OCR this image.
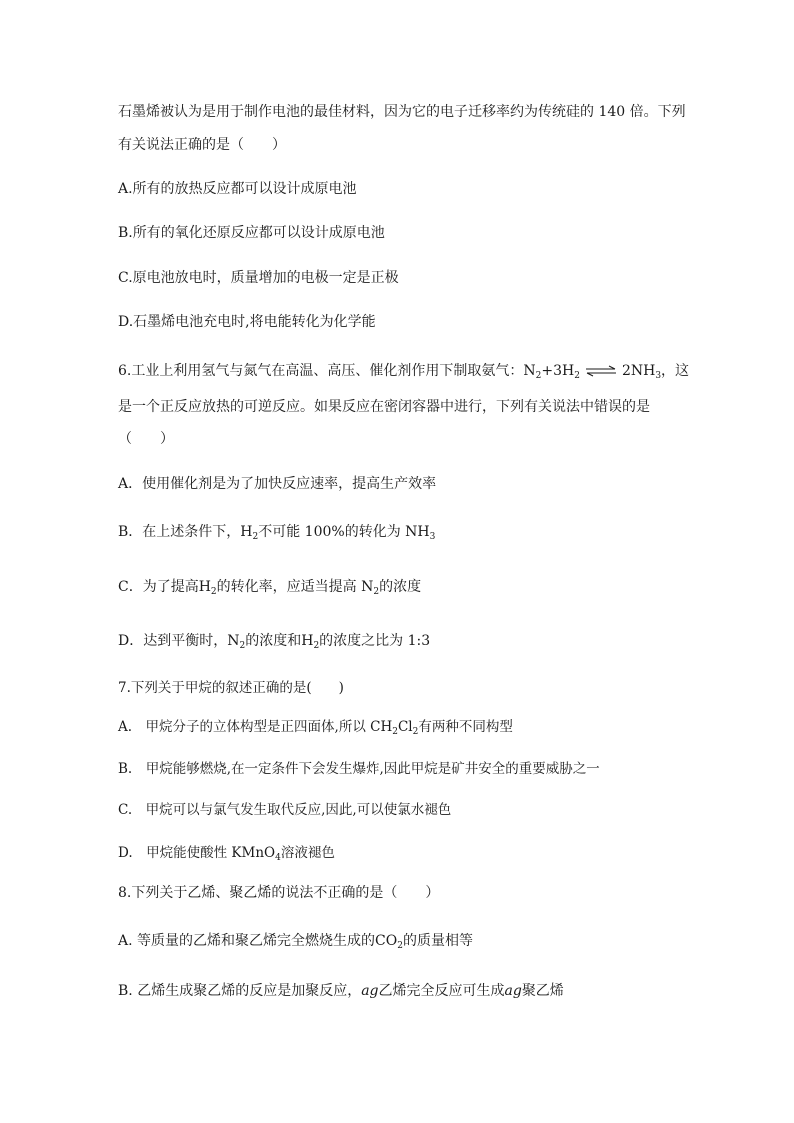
石墨烯被认为是用于制作电池的最佳材料，因为它的电子迁移率约为传统硅的 140 倍。下列
有关说法正确的是（　　）
A.所有的放热反应都可以设计成原电池
B.所有的氧化还原反应都可以设计成原电池
C.原电池放电时，质量增加的电极一定是正极
D.石墨烯电池充电时,将电能转化为化学能
6.工业上利用氢气与氮气在高温、高压、催化剂作用下制取氨气：$N_2+3H_2$ ⇌ $2NH_3$，这
是一个正反应放热的可逆反应。如果反应在密闭容器中进行，下列有关说法中错误的是
（　　）
A．使用催化剂是为了加快反应速率，提高生产效率
B．在上述条件下，$H_2$不可能 100%的转化为 $NH_3$
C．为了提高$H_2$的转化率，应适当提高 $N_2$的浓度
D．达到平衡时，$N_2$的浓度和$H_2$的浓度之比为 1:3
7.下列关于甲烷的叙述正确的是(　　)
A.　甲烷分子的立体构型是正四面体,所以 $CH_2Cl_2$有两种不同构型
B.　甲烷能够燃烧,在一定条件下会发生爆炸,因此甲烷是矿井安全的重要威胁之一
C.　甲烷可以与氯气发生取代反应,因此,可以使氯水褪色
D.　甲烷能使酸性 KMnO$_4$溶液褪色
8.下列关于乙烯、聚乙烯的说法不正确的是（　　）
A. 等质量的乙烯和聚乙烯完全燃烧生成的$CO_2$的质量相等
B. 乙烯生成聚乙烯的反应是加聚反应，ag乙烯完全反应可生成ag聚乙烯
